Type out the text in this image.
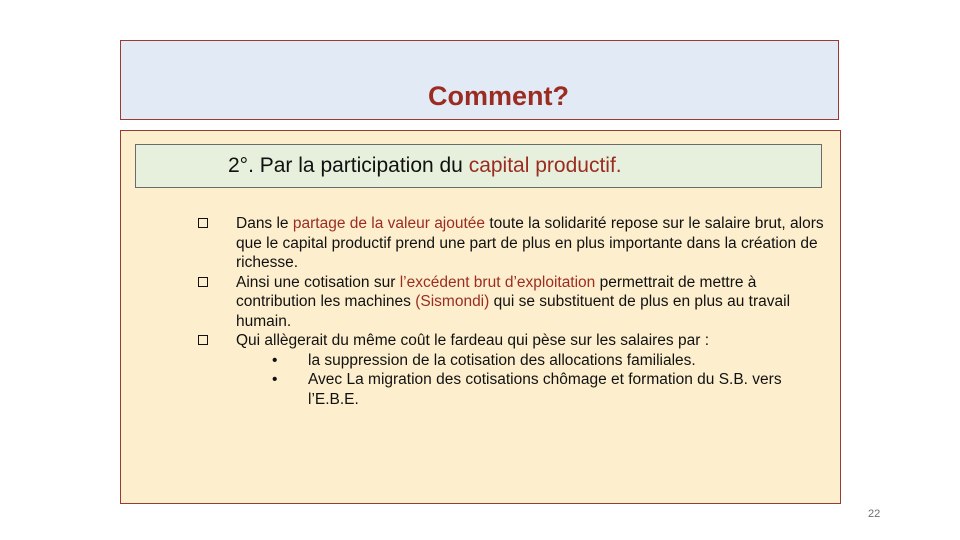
Comment?
2°. Par la participation du capital productif.
Dans le partage de la valeur ajoutée toute la solidarité repose sur le salaire brut, alors que le capital productif prend une part de plus en plus importante dans la création de richesse.
Ainsi une cotisation sur l’excédent brut d’exploitation permettrait de mettre à contribution les machines (Sismondi) qui se substituent de plus en plus au travail humain.
Qui allègerait du même coût le fardeau qui pèse sur les salaires par :
• la suppression de la cotisation des allocations familiales.
• Avec La migration des cotisations chômage et formation du S.B. vers l’E.B.E.
22
